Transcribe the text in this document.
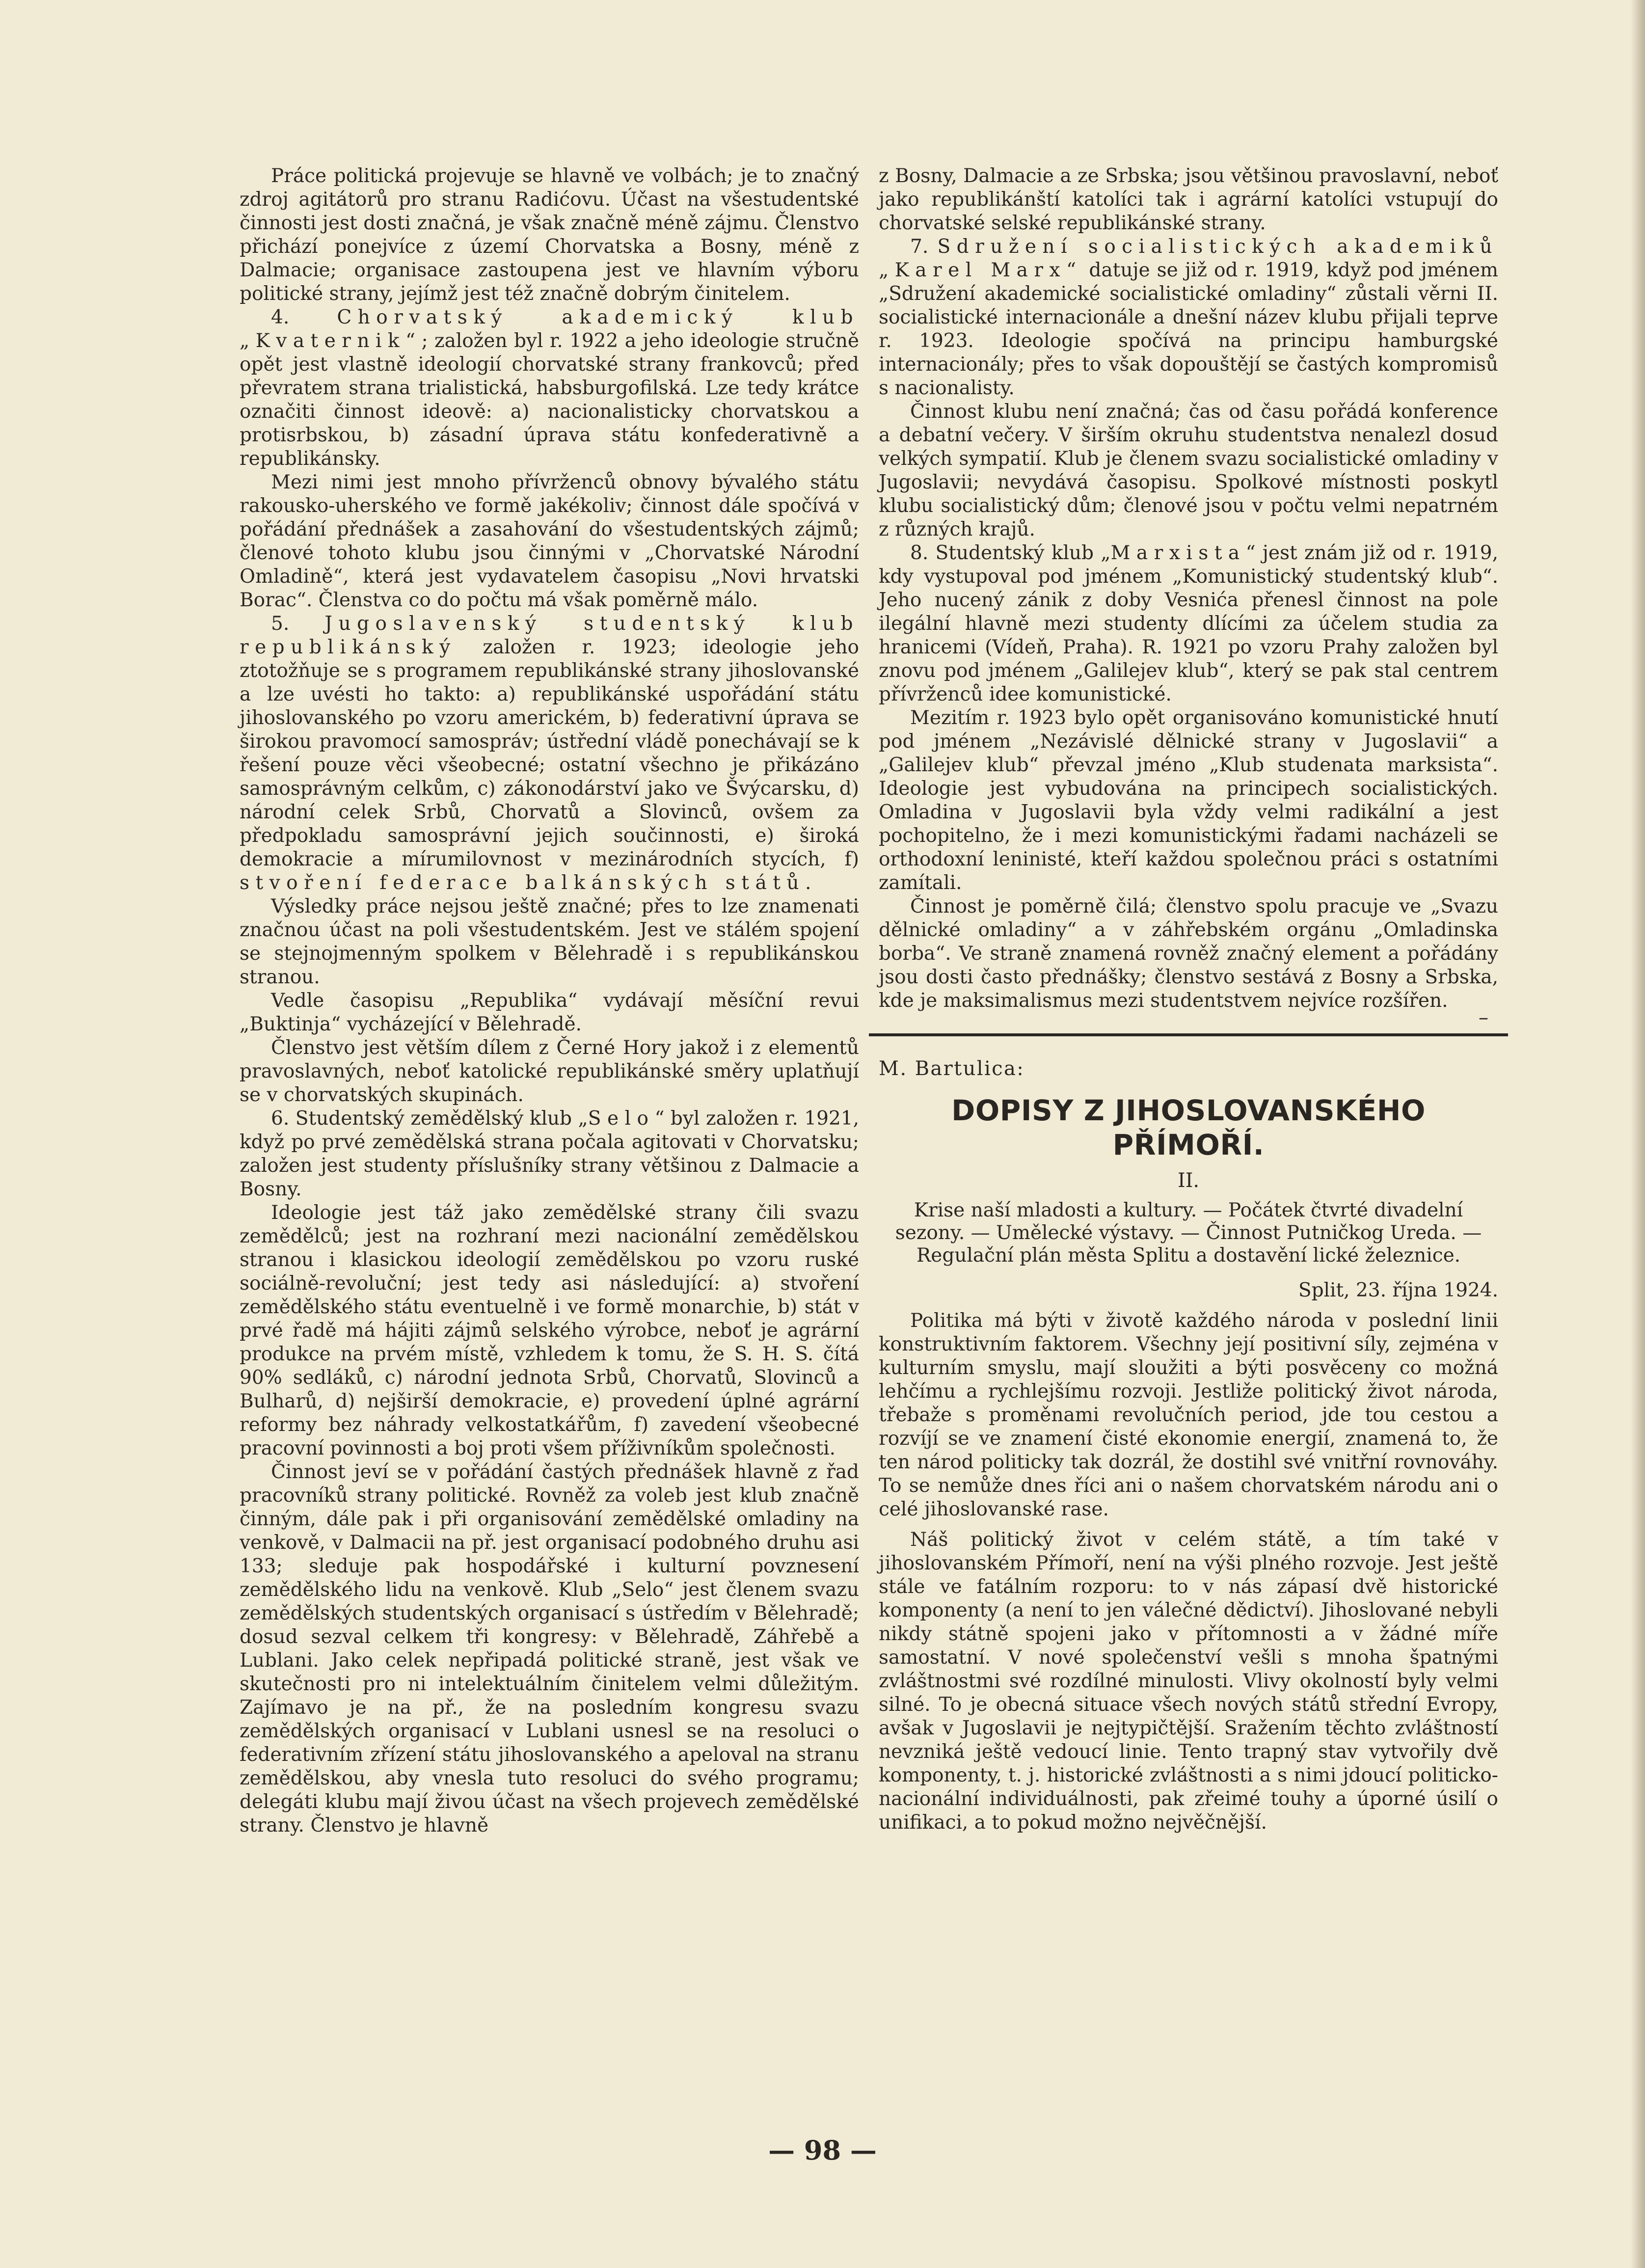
Práce politická projevuje se hlavně ve volbách; je to značný zdroj agitátorů pro stranu Radićovu. Účast na všestudentské činnosti jest dosti značná, je však značně méně zájmu. Členstvo přichází ponejvíce z území Chorvatska a Bosny, méně z Dalmacie; organisace zastoupena jest ve hlavním výboru politické strany, jejímž jest též značně dobrým činitelem.

4. Chorvatský akademický klub „Kvaternik“; založen byl r. 1922 a jeho ideologie stručně opět jest vlastně ideologií chorvatské strany frankovců; před převratem strana trialistická, habsburgofilská. Lze tedy krátce označiti činnost ideově: a) nacionalisticky chorvatskou a protisrbskou, b) zásadní úprava státu konfederativně a republikánsky.

Mezi nimi jest mnoho přívrženců obnovy bývalého státu rakousko-uherského ve formě jakékoliv; činnost dále spočívá v pořádání přednášek a zasahování do všestudentských zájmů; členové tohoto klubu jsou činnými v „Chorvatské Národní Omladině“, která jest vydavatelem časopisu „Novi hrvatski Borac“. Členstva co do počtu má však poměrně málo.

5. Jugoslavenský studentský klub republikánský založen r. 1923; ideologie jeho ztotožňuje se s programem republikánské strany jihoslovanské a lze uvésti ho takto: a) republikánské uspořádání státu jihoslovanského po vzoru americkém, b) federativní úprava se širokou pravomocí samospráv; ústřední vládě ponechávají se k řešení pouze věci všeobecné; ostatní všechno je přikázáno samosprávným celkům, c) zákonodárství jako ve Švýcarsku, d) národní celek Srbů, Chorvatů a Slovinců, ovšem za předpokladu samosprávní jejich součinnosti, e) široká demokracie a mírumilovnost v mezinárodních stycích, f) stvoření federace balkánských států.

Výsledky práce nejsou ještě značné; přes to lze znamenati značnou účast na poli všestudentském. Jest ve stálém spojení se stejnojmenným spolkem v Bělehradě i s republikánskou stranou.

Vedle časopisu „Republika“ vydávají měsíční revui „Buktinja“ vycházející v Bělehradě.

Členstvo jest větším dílem z Černé Hory jakož i z elementů pravoslavných, neboť katolické republikánské směry uplatňují se v chorvatských skupinách.

6. Studentský zemědělský klub „Selo“ byl založen r. 1921, když po prvé zemědělská strana počala agitovati v Chorvatsku; založen jest studenty příslušníky strany většinou z Dalmacie a Bosny.

Ideologie jest táž jako zemědělské strany čili svazu zemědělců; jest na rozhraní mezi nacionální zemědělskou stranou i klasickou ideologií zemědělskou po vzoru ruské sociálně-revoluční; jest tedy asi následující: a) stvoření zemědělského státu eventuelně i ve formě monarchie, b) stát v prvé řadě má hájiti zájmů selského výrobce, neboť je agrární produkce na prvém místě, vzhledem k tomu, že S. H. S. čítá 90% sedláků, c) národní jednota Srbů, Chorvatů, Slovinců a Bulharů, d) nejširší demokracie, e) provedení úplné agrární reformy bez náhrady velkostatkářům, f) zavedení všeobecné pracovní povinnosti a boj proti všem příživníkům společnosti.

Činnost jeví se v pořádání častých přednášek hlavně z řad pracovníků strany politické. Rovněž za voleb jest klub značně činným, dále pak i při organisování zemědělské omladiny na venkově, v Dalmacii na př. jest organisací podobného druhu asi 133; sleduje pak hospodářské i kulturní povznesení zemědělského lidu na venkově. Klub „Selo“ jest členem svazu zemědělských studentských organisací s ústředím v Bělehradě; dosud sezval celkem tři kongresy: v Bělehradě, Záhřebě a Lublani. Jako celek nepřipadá politické straně, jest však ve skutečnosti pro ni intelektuálním činitelem velmi důležitým. Zajímavo je na př., že na posledním kongresu svazu zemědělských organisací v Lublani usnesl se na resoluci o federativním zřízení státu jihoslovanského a apeloval na stranu zemědělskou, aby vnesla tuto resoluci do svého programu; delegáti klubu mají živou účast na všech projevech zemědělské strany. Členstvo je hlavně

z Bosny, Dalmacie a ze Srbska; jsou většinou pravoslavní, neboť jako republikánští katolíci tak i agrární katolíci vstupují do chorvatské selské republikánské strany.

7. Sdružení socialistických akademiků „Karel Marx“ datuje se již od r. 1919, když pod jménem „Sdružení akademické socialistické omladiny“ zůstali věrni II. socialistické internacionále a dnešní název klubu přijali teprve r. 1923. Ideologie spočívá na principu hamburgské internacionály; přes to však dopouštějí se častých kompromisů s nacionalisty.

Činnost klubu není značná; čas od času pořádá konference a debatní večery. V širším okruhu studentstva nenalezl dosud velkých sympatií. Klub je členem svazu socialistické omladiny v Jugoslavii; nevydává časopisu. Spolkové místnosti poskytl klubu socialistický dům; členové jsou v počtu velmi nepatrném z různých krajů.

8. Studentský klub „Marxista“ jest znám již od r. 1919, kdy vystupoval pod jménem „Komunistický studentský klub“. Jeho nucený zánik z doby Vesnića přenesl činnost na pole ilegální hlavně mezi studenty dlícími za účelem studia za hranicemi (Vídeň, Praha). R. 1921 po vzoru Prahy založen byl znovu pod jménem „Galilejev klub“, který se pak stal centrem přívrženců idee komunistické.

Mezitím r. 1923 bylo opět organisováno komunistické hnutí pod jménem „Nezávislé dělnické strany v Jugoslavii“ a „Galilejev klub“ převzal jméno „Klub studenata marksista“. Ideologie jest vybudována na principech socialistických. Omladina v Jugoslavii byla vždy velmi radikální a jest pochopitelno, že i mezi komunistickými řadami nacházeli se orthodoxní leninisté, kteří každou společnou práci s ostatními zamítali.

Činnost je poměrně čilá; členstvo spolu pracuje ve „Svazu dělnické omladiny“ a v záhřebském orgánu „Omladinska borba“. Ve straně znamená rovněž značný element a pořádány jsou dosti často přednášky; členstvo sestává z Bosny a Srbska, kde je maksimalismus mezi studentstvem nejvíce rozšířen.

–
M. Bartulica:
DOPISY Z JIHOSLOVANSKÉHO PŘÍMOŘÍ.
II.
Krise naší mladosti a kultury. — Počátek čtvrté divadelní sezony. — Umělecké výstavy. — Činnost Putničkog Ureda. — Regulační plán města Splitu a dostavění lické železnice.
Split, 23. října 1924.

Politika má býti v životě každého národa v poslední linii konstruktivním faktorem. Všechny její positivní síly, zejména v kulturním smyslu, mají sloužiti a býti posvěceny co možná lehčímu a rychlejšímu rozvoji. Jestliže politický život národa, třebaže s proměnami revolučních period, jde tou cestou a rozvíjí se ve znamení čisté ekonomie energií, znamená to, že ten národ politicky tak dozrál, že dostihl své vnitřní rovnováhy. To se nemůže dnes říci ani o našem chorvatském národu ani o celé jihoslovanské rase.

Náš politický život v celém státě, a tím také v jihoslovanském Přímoří, není na výši plného rozvoje. Jest ještě stále ve fatálním rozporu: to v nás zápasí dvě historické komponenty (a není to jen válečné dědictví). Jihoslované nebyli nikdy státně spojeni jako v přítomnosti a v žádné míře samostatní. V nové společenství vešli s mnoha špatnými zvláštnostmi své rozdílné minulosti. Vlivy okolností byly velmi silné. To je obecná situace všech nových států střední Evropy, avšak v Jugoslavii je nejtypičtější. Sražením těchto zvláštností nevzniká ještě vedoucí linie. Tento trapný stav vytvořily dvě komponenty, t. j. historické zvláštnosti a s nimi jdoucí politicko-nacionální individuálnosti, pak zřeimé touhy a úporné úsilí o unifikaci, a to pokud možno nejvěčnější.

— 98 —
